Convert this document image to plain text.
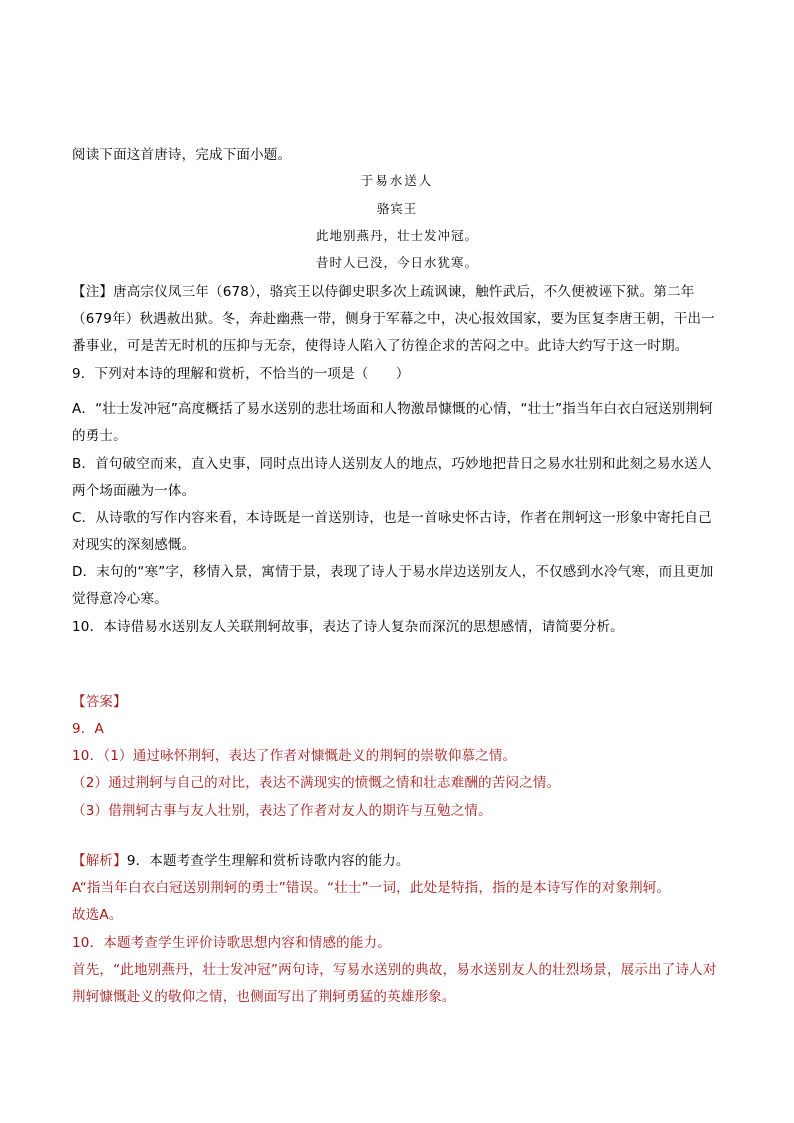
阅读下面这首唐诗，完成下面小题。
于易水送人
骆宾王
此地别燕丹，壮士发冲冠。
昔时人已没，今日水犹寒。
【注】唐高宗仪凤三年（678），骆宾王以侍御史职多次上疏讽谏，触忤武后，不久便被诬下狱。第二年
（679年）秋遇赦出狱。冬，奔赴幽燕一带，侧身于军幕之中，决心报效国家，要为匡复李唐王朝，干出一
番事业，可是苦无时机的压抑与无奈，使得诗人陷入了彷徨企求的苦闷之中。此诗大约写于这一时期。
9．下列对本诗的理解和赏析，不恰当的一项是（　　）
A．“壮士发冲冠”高度概括了易水送别的悲壮场面和人物激昂慷慨的心情，“壮士”指当年白衣白冠送别荆轲
的勇士。
B．首句破空而来，直入史事，同时点出诗人送别友人的地点，巧妙地把昔日之易水壮别和此刻之易水送人
两个场面融为一体。
C．从诗歌的写作内容来看，本诗既是一首送别诗，也是一首咏史怀古诗，作者在荆轲这一形象中寄托自己
对现实的深刻感慨。
D．末句的“寒”字，移情入景，寓情于景，表现了诗人于易水岸边送别友人，不仅感到水冷气寒，而且更加
觉得意冷心寒。
10．本诗借易水送别友人关联荆轲故事，表达了诗人复杂而深沉的思想感情，请简要分析。
【答案】
9．A
10．（1）通过咏怀荆轲，表达了作者对慷慨赴义的荆轲的崇敬仰慕之情。
（2）通过荆轲与自己的对比，表达不满现实的愤慨之情和壮志难酬的苦闷之情。
（3）借荆轲古事与友人壮别，表达了作者对友人的期许与互勉之情。
【解析】9．本题考查学生理解和赏析诗歌内容的能力。
A“指当年白衣白冠送别荆轲的勇士”错误。“壮士”一词，此处是特指，指的是本诗写作的对象荆轲。
故选A。
10．本题考查学生评价诗歌思想内容和情感的能力。
首先，“此地别燕丹，壮士发冲冠”两句诗，写易水送别的典故，易水送别友人的壮烈场景，展示出了诗人对
荆轲慷慨赴义的敬仰之情，也侧面写出了荆轲勇猛的英雄形象。
